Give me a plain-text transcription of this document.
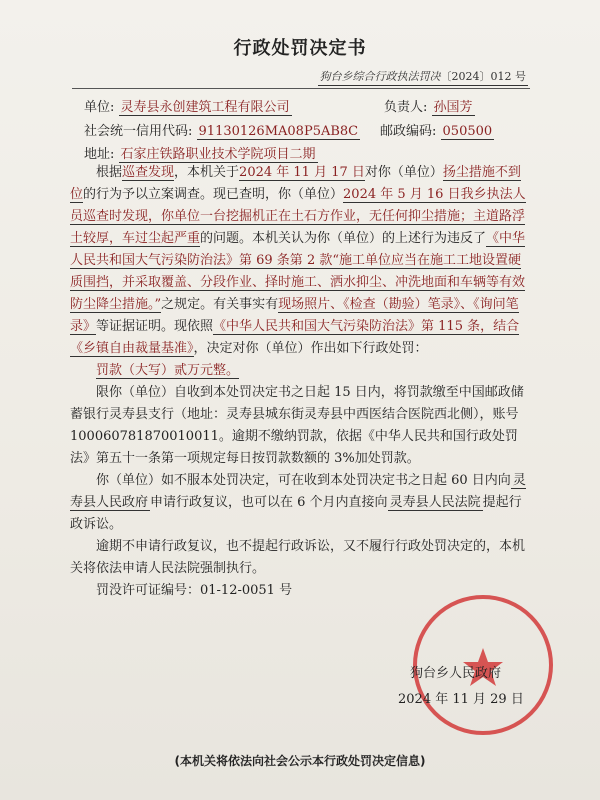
行政处罚决定书
狗台乡综合行政执法罚决〔2024〕012 号
单位: 灵寿县永创建筑工程有限公司	负责人: 孙国芳
社会统一信用代码: 91130126MA08P5AB8C 邮政编码: 050500
地址: 石家庄铁路职业技术学院项目二期

根据巡查发现，本机关于2024 年 11 月 17 日对你（单位）扬尘措施不到位的行为予以立案调查。现已查明，你（单位）2024 年 5 月 16 日我乡执法人员巡查时发现，你单位一台挖掘机正在土石方作业，无任何抑尘措施；主道路浮土较厚，车过尘起严重的问题。本机关认为你（单位）的上述行为违反了《中华人民共和国大气污染防治法》第 69 条第 2 款“施工单位应当在施工工地设置硬质围挡，并采取覆盖、分段作业、择时施工、洒水抑尘、冲洗地面和车辆等有效防尘降尘措施。”之规定。有关事实有现场照片、《检查（勘验）笔录》、《询问笔录》等证据证明。现依照《中华人民共和国大气污染防治法》第 115 条，结合《乡镇自由裁量基准》，决定对你（单位）作出如下行政处罚：

罚款（大写）贰万元整。

限你（单位）自收到本处罚决定书之日起 15 日内，将罚款缴至中国邮政储蓄银行灵寿县支行（地址：灵寿县城东街灵寿县中西医结合医院西北侧），账号 100060781870010011。逾期不缴纳罚款，依据《中华人民共和国行政处罚法》第五十一条第一项规定每日按罚款数额的 3%加处罚款。

你（单位）如不服本处罚决定，可在收到本处罚决定书之日起 60 日内向 灵寿县人民政府 申请行政复议，也可以在 6 个月内直接向 灵寿县人民法院 提起行政诉讼。

逾期不申请行政复议，也不提起行政诉讼，又不履行行政处罚决定的，本机关将依法申请人民法院强制执行。

罚没许可证编号：01-12-0051 号

狗台乡人民政府
2024 年 11 月 29 日
(本机关将依法向社会公示本行政处罚决定信息)
